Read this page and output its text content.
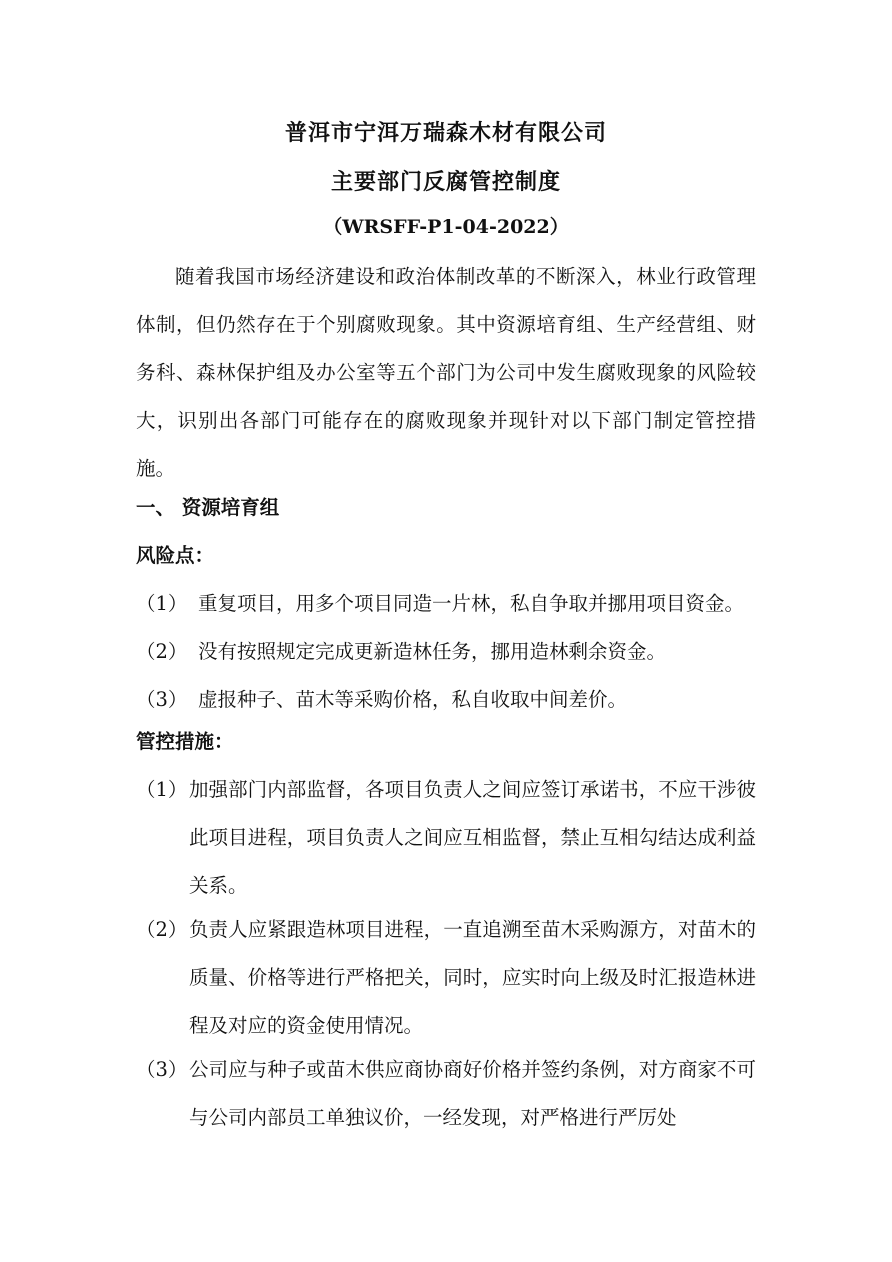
普洱市宁洱万瑞森木材有限公司
主要部门反腐管控制度
（WRSFF-P1-04-2022）
随着我国市场经济建设和政治体制改革的不断深入，林业行政管理体制，但仍然存在于个别腐败现象。其中资源培育组、生产经营组、财务科、森林保护组及办公室等五个部门为公司中发生腐败现象的风险较大，识别出各部门可能存在的腐败现象并现针对以下部门制定管控措施。
一、 资源培育组
风险点：
（1） 重复项目，用多个项目同造一片林，私自争取并挪用项目资金。
（2） 没有按照规定完成更新造林任务，挪用造林剩余资金。
（3） 虚报种子、苗木等采购价格，私自收取中间差价。
管控措施：
（1） 加强部门内部监督，各项目负责人之间应签订承诺书，不应干涉彼此项目进程，项目负责人之间应互相监督，禁止互相勾结达成利益关系。
（2） 负责人应紧跟造林项目进程，一直追溯至苗木采购源方，对苗木的质量、价格等进行严格把关，同时，应实时向上级及时汇报造林进程及对应的资金使用情况。
（3） 公司应与种子或苗木供应商协商好价格并签约条例，对方商家不可与公司内部员工单独议价，一经发现，对严格进行严厉处
